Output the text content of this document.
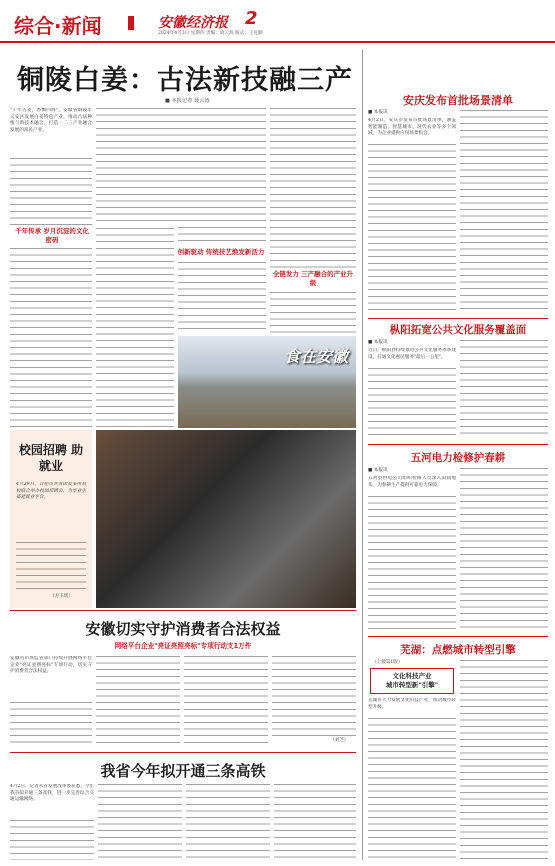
综合·新闻	安徽经济报 2
2024年4月3日 星期四 责编：胡云海 版式：王克勤
铜陵白姜：古法新技融三产
■ 本报记者 聂云涛
"千年古姜，香飘四海"，安徽省铜陵市义安区发展白姜特色产业，推动古法种植与新技术融合，打造一二三产业融合发展的富民产业。
千年传承 岁月沉淀的文化密码
创新驱动 传统技艺焕发新活力
全链发力 三产融合的产业升级
食在安徽
校园招聘 助就业
4月29日，合肥市共青团及多所高校联合举办校园招聘会，为毕业生搭建就业平台。
（方玉瑶）
安徽切实守护消费者合法权益
网络平台企业"亮证亮照亮标"专项行动支1万件
安徽省市场监管部门持续开展网络平台企业"亮证亮照亮标"专项行动，切实守护消费者合法权益。
（刘芝）
我省今年拟开通三条高铁
4月2日，记者从省发展改革委获悉，今年我省拟开通三条高铁，进一步完善综合交通运输网络。
安庆发布首批场景清单
■ 本报讯
4月2日，安庆市发布首批场景清单，涵盖智能制造、智慧城市、现代农业等多个领域，为企业提供应用场景机会。
枞阳拓宽公共文化服务覆盖面
■ 本报讯
近日，枞阳县持续推进公共文化服务体系建设，打通文化惠民服务"最后一公里"。
五河电力检修护春耕
■ 本报讯
五河县供电公司组织检修人员深入田间地头，为春耕生产提供可靠电力保障。
芜湖：点燃城市转型引擎
（上接第1版）
文化科技产业
城市转型新"引擎"
芜湖市大力发展文化科技产业，推动城市转型升级。
